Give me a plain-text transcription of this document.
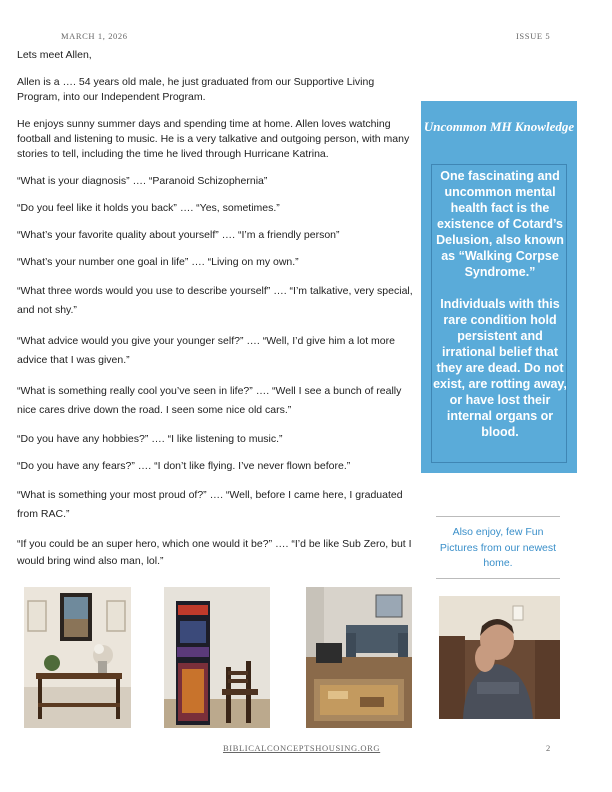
MARCH 1, 2026	ISSUE 5

Lets meet Allen,

Allen is a …. 54 years old male, he just graduated from our Supportive Living Program, into our Independent Program.

He enjoys sunny summer days and spending time at home. Allen loves watching football and listening to music. He is a very talkative and outgoing person, with many stories to tell, including the time he lived through Hurricane Katrina.

“What is your diagnosis” …. “Paranoid Schizophernia”

“Do you feel like it holds you back” …. “Yes, sometimes.”

“What’s your favorite quality about yourself” …. “I’m a friendly person”

“What’s your number one goal in life” …. “Living on my own.”

“What three words would you use to describe yourself” …. “I’m talkative, very special, and not shy.”

“What advice would you give your younger self?” …. “Well, I’d give him a lot more advice that I was given.”

“What is something really cool you’ve seen in life?” …. “Well I see a bunch of really nice cares drive down the road. I seen some nice old cars.”

“Do you have any hobbies?” …. “I like listening to music.”

“Do you have any fears?” …. “I don’t like flying. I’ve never flown before.”

“What is something your most proud of?” …. “Well, before I came here, I graduated from RAC.”

“If you could be an super hero, which one would it be?” …. “I’d be like Sub Zero, but I would bring wind also man, lol.”

Uncommon MH Knowledge

One fascinating and uncommon mental health fact is the existence of Cotard’s Delusion, also known as “Walking Corpse Syndrome.”

Individuals with this rare condition hold persistent and irrational belief that they are dead. Do not exist, are rotting away, or have lost their internal organs or blood.

Also enjoy, few Fun Pictures from our newest home.
BIBLICALCONCEPTSHOUSING.ORG	2
